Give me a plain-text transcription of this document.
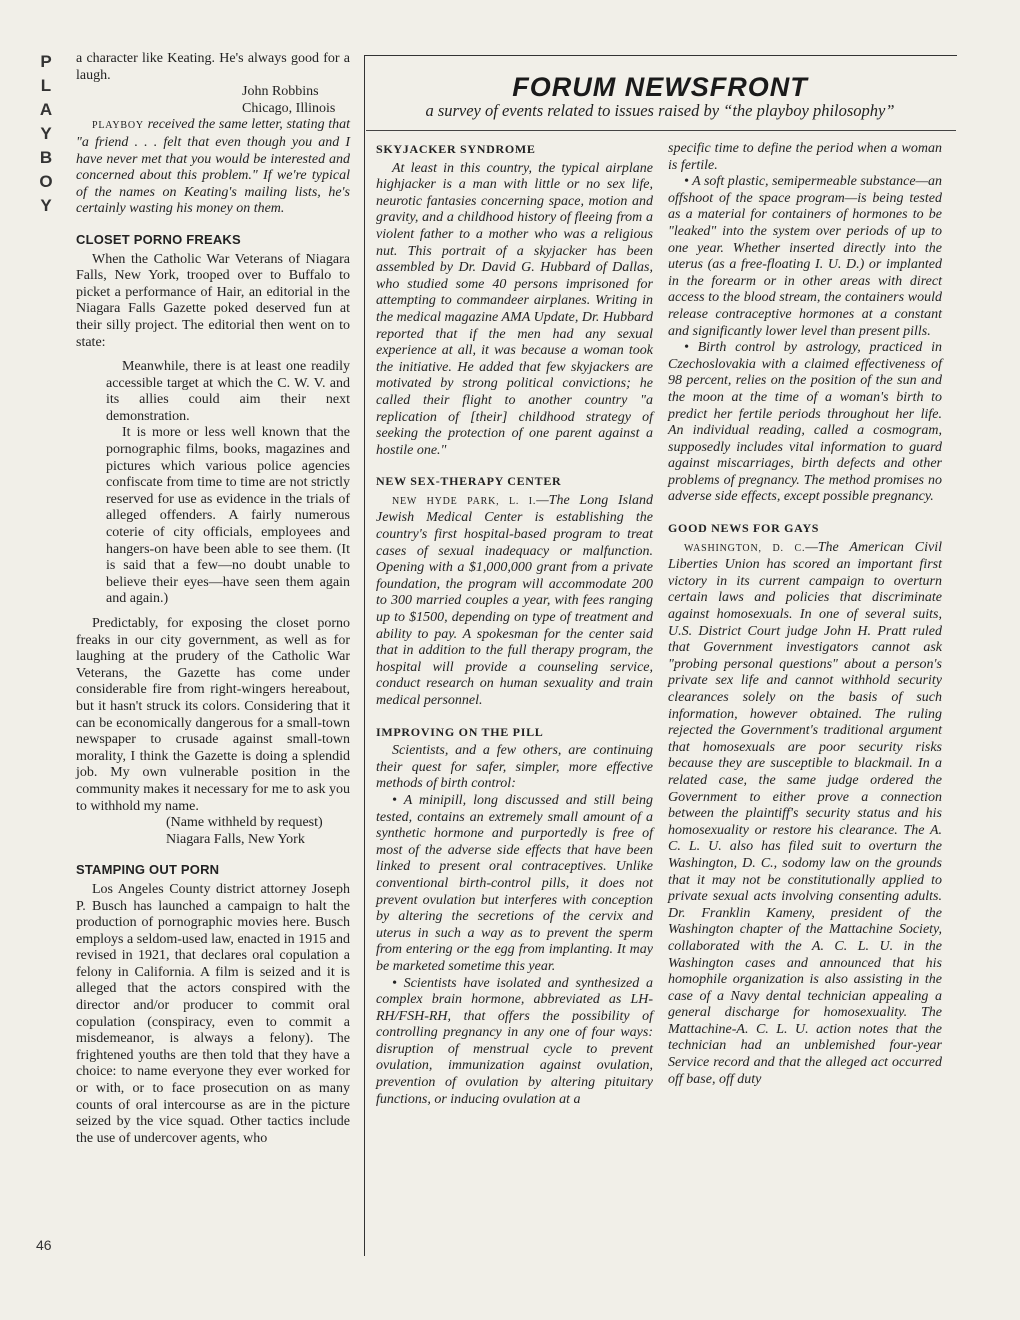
P
L
A
Y
B
O
Y
46

a character like Keating. He's always good for a laugh.

John Robbins

Chicago, Illinois

PLAYBOY received the same letter, stating that "a friend . . . felt that even though you and I have never met that you would be interested and concerned about this problem." If we're typical of the names on Keating's mailing lists, he's certainly wasting his money on them.

CLOSET PORNO FREAKS

When the Catholic War Veterans of Niagara Falls, New York, trooped over to Buffalo to picket a performance of Hair, an editorial in the Niagara Falls Gazette poked deserved fun at their silly project. The editorial then went on to state:

Meanwhile, there is at least one readily accessible target at which the C. W. V. and its allies could aim their next demonstration.

It is more or less well known that the pornographic films, books, magazines and pictures which various police agencies confiscate from time to time are not strictly reserved for use as evidence in the trials of alleged offenders. A fairly numerous coterie of city officials, employees and hangers-on have been able to see them. (It is said that a few—no doubt unable to believe their eyes—have seen them again and again.)

Predictably, for exposing the closet porno freaks in our city government, as well as for laughing at the prudery of the Catholic War Veterans, the Gazette has come under considerable fire from right-wingers hereabout, but it hasn't struck its colors. Considering that it can be economically dangerous for a small-town newspaper to crusade against small-town morality, I think the Gazette is doing a splendid job. My own vulnerable position in the community makes it necessary for me to ask you to withhold my name.

(Name withheld by request)

Niagara Falls, New York

STAMPING OUT PORN

Los Angeles County district attorney Joseph P. Busch has launched a campaign to halt the production of pornographic movies here. Busch employs a seldom-used law, enacted in 1915 and revised in 1921, that declares oral copulation a felony in California. A film is seized and it is alleged that the actors conspired with the director and/or producer to commit oral copulation (conspiracy, even to commit a misdemeanor, is always a felony). The frightened youths are then told that they have a choice: to name everyone they ever worked for or with, or to face prosecution on as many counts of oral intercourse as are in the picture seized by the vice squad. Other tactics include the use of undercover agents, who

FORUM NEWSFRONT
a survey of events related to issues raised by “the playboy philosophy”
SKYJACKER SYNDROME

At least in this country, the typical airplane highjacker is a man with little or no sex life, neurotic fantasies concerning space, motion and gravity, and a childhood history of fleeing from a violent father to a mother who was a religious nut. This portrait of a skyjacker has been assembled by Dr. David G. Hubbard of Dallas, who studied some 40 persons imprisoned for attempting to commandeer airplanes. Writing in the medical magazine AMA Update, Dr. Hubbard reported that if the men had any sexual experience at all, it was because a woman took the initiative. He added that few skyjackers are motivated by strong political convictions; he called their flight to another country "a replication of [their] childhood strategy of seeking the protection of one parent against a hostile one."

NEW SEX-THERAPY CENTER

NEW HYDE PARK, L. I.—The Long Island Jewish Medical Center is establishing the country's first hospital-based program to treat cases of sexual inadequacy or malfunction. Opening with a $1,000,000 grant from a private foundation, the program will accommodate 200 to 300 married couples a year, with fees ranging up to $1500, depending on type of treatment and ability to pay. A spokesman for the center said that in addition to the full therapy program, the hospital will provide a counseling service, conduct research on human sexuality and train medical personnel.

IMPROVING ON THE PILL

Scientists, and a few others, are continuing their quest for safer, simpler, more effective methods of birth control:

• A minipill, long discussed and still being tested, contains an extremely small amount of a synthetic hormone and purportedly is free of most of the adverse side effects that have been linked to present oral contraceptives. Unlike conventional birth-control pills, it does not prevent ovulation but interferes with conception by altering the secretions of the cervix and uterus in such a way as to prevent the sperm from entering or the egg from implanting. It may be marketed sometime this year.

• Scientists have isolated and synthesized a complex brain hormone, abbreviated as LH-RH/FSH-RH, that offers the possibility of controlling pregnancy in any one of four ways: disruption of menstrual cycle to prevent ovulation, immunization against ovulation, prevention of ovulation by altering pituitary functions, or inducing ovulation at a

specific time to define the period when a woman is fertile.

• A soft plastic, semipermeable substance—an offshoot of the space program—is being tested as a material for containers of hormones to be "leaked" into the system over periods of up to one year. Whether inserted directly into the uterus (as a free-floating I. U. D.) or implanted in the forearm or in other areas with direct access to the blood stream, the containers would release contraceptive hormones at a constant and significantly lower level than present pills.

• Birth control by astrology, practiced in Czechoslovakia with a claimed effectiveness of 98 percent, relies on the position of the sun and the moon at the time of a woman's birth to predict her fertile periods throughout her life. An individual reading, called a cosmogram, supposedly includes vital information to guard against miscarriages, birth defects and other problems of pregnancy. The method promises no adverse side effects, except possible pregnancy.

GOOD NEWS FOR GAYS

WASHINGTON, D. C.—The American Civil Liberties Union has scored an important first victory in its current campaign to overturn certain laws and policies that discriminate against homosexuals. In one of several suits, U.S. District Court judge John H. Pratt ruled that Government investigators cannot ask "probing personal questions" about a person's private sex life and cannot withhold security clearances solely on the basis of such information, however obtained. The ruling rejected the Government's traditional argument that homosexuals are poor security risks because they are susceptible to blackmail. In a related case, the same judge ordered the Government to either prove a connection between the plaintiff's security status and his homosexuality or restore his clearance. The A. C. L. U. also has filed suit to overturn the Washington, D. C., sodomy law on the grounds that it may not be constitutionally applied to private sexual acts involving consenting adults. Dr. Franklin Kameny, president of the Washington chapter of the Mattachine Society, collaborated with the A. C. L. U. in the Washington cases and announced that his homophile organization is also assisting in the case of a Navy dental technician appealing a general discharge for homosexuality. The Mattachine-A. C. L. U. action notes that the technician had an unblemished four-year Service record and that the alleged act occurred off base, off duty
